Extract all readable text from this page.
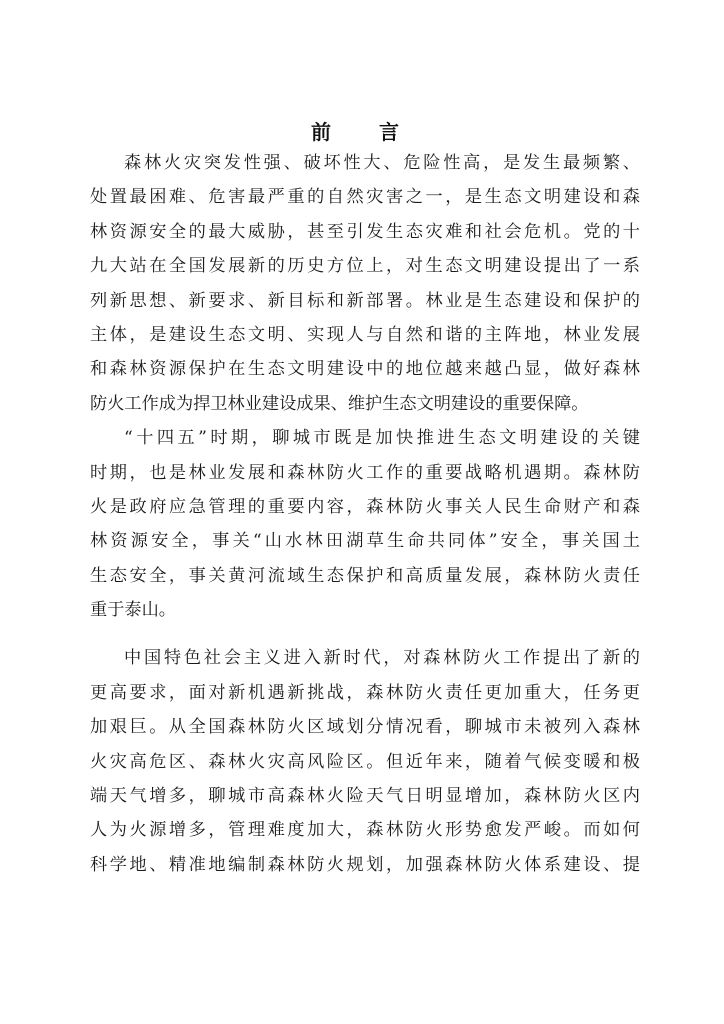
前　言
森林火灾突发性强、破坏性大、危险性高，是发生最频繁、
处置最困难、危害最严重的自然灾害之一，是生态文明建设和森
林资源安全的最大威胁，甚至引发生态灾难和社会危机。党的十
九大站在全国发展新的历史方位上，对生态文明建设提出了一系
列新思想、新要求、新目标和新部署。林业是生态建设和保护的
主体，是建设生态文明、实现人与自然和谐的主阵地，林业发展
和森林资源保护在生态文明建设中的地位越来越凸显，做好森林
防火工作成为捍卫林业建设成果、维护生态文明建设的重要保障。
“十四五”时期，聊城市既是加快推进生态文明建设的关键
时期，也是林业发展和森林防火工作的重要战略机遇期。森林防
火是政府应急管理的重要内容，森林防火事关人民生命财产和森
林资源安全，事关“山水林田湖草生命共同体”安全，事关国土
生态安全，事关黄河流域生态保护和高质量发展，森林防火责任
重于泰山。
中国特色社会主义进入新时代，对森林防火工作提出了新的
更高要求，面对新机遇新挑战，森林防火责任更加重大，任务更
加艰巨。从全国森林防火区域划分情况看，聊城市未被列入森林
火灾高危区、森林火灾高风险区。但近年来，随着气候变暖和极
端天气增多，聊城市高森林火险天气日明显增加，森林防火区内
人为火源增多，管理难度加大，森林防火形势愈发严峻。而如何
科学地、精准地编制森林防火规划，加强森林防火体系建设、提
